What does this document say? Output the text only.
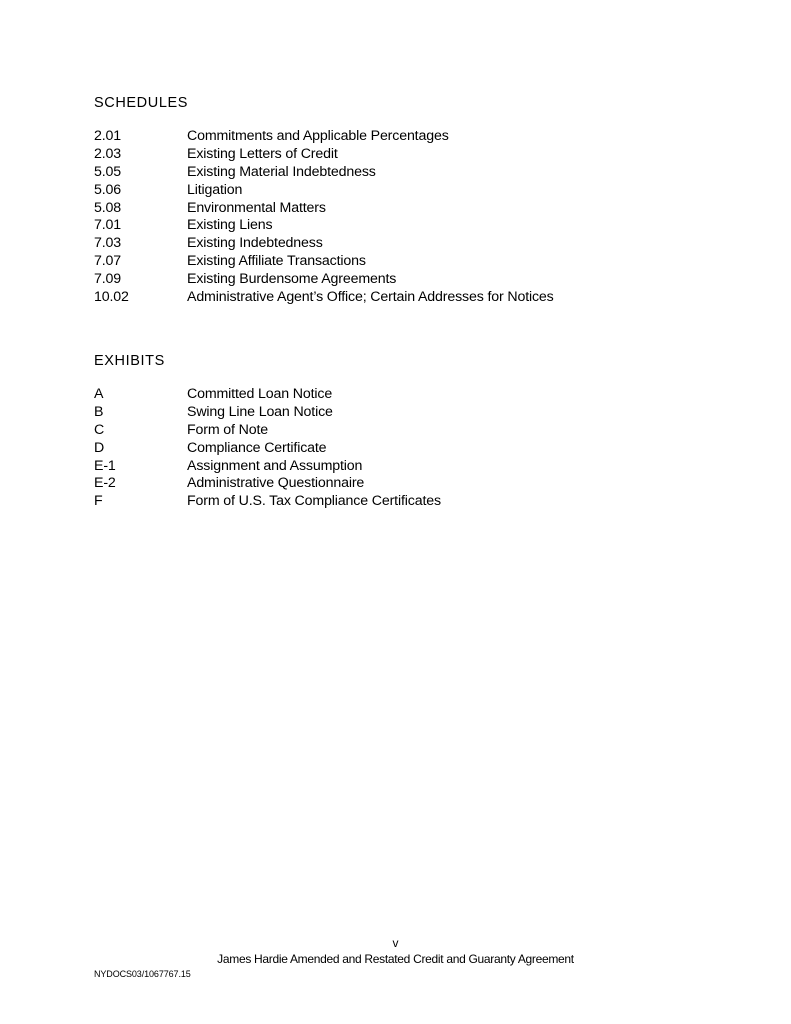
SCHEDULES
2.01	Commitments and Applicable Percentages
2.03	Existing Letters of Credit
5.05	Existing Material Indebtedness
5.06	Litigation
5.08	Environmental Matters
7.01	Existing Liens
7.03	Existing Indebtedness
7.07	Existing Affiliate Transactions
7.09	Existing Burdensome Agreements
10.02	Administrative Agent’s Office; Certain Addresses for Notices
EXHIBITS
A	Committed Loan Notice
B	Swing Line Loan Notice
C	Form of Note
D	Compliance Certificate
E-1	Assignment and Assumption
E-2	Administrative Questionnaire
F	Form of U.S. Tax Compliance Certificates
v
James Hardie Amended and Restated Credit and Guaranty Agreement
NYDOCS03/1067767.15
